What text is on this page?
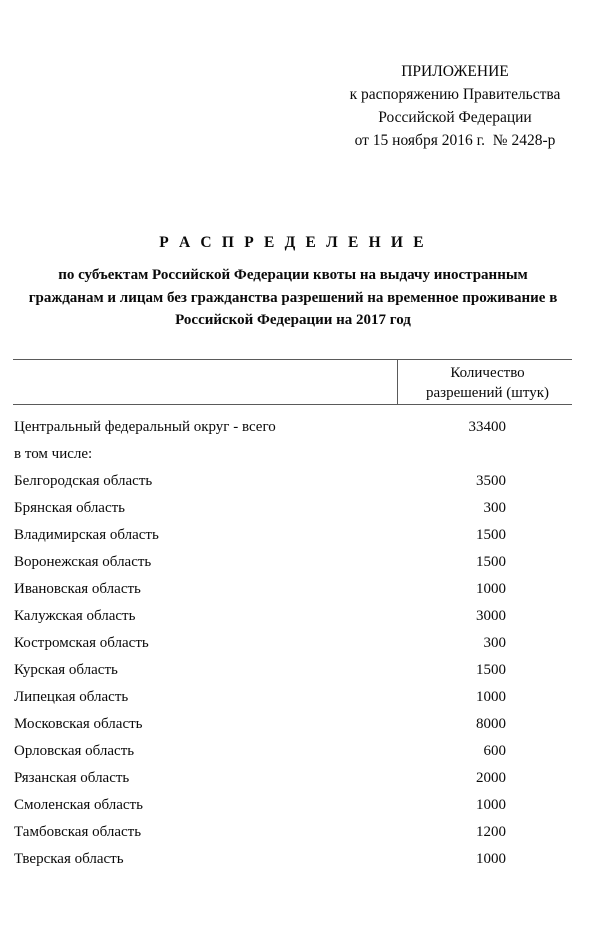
ПРИЛОЖЕНИЕ
к распоряжению Правительства
Российской Федерации
от 15 ноября 2016 г.  № 2428-р
Р А С П Р Е Д Е Л Е Н И Е
по субъектам Российской Федерации квоты на выдачу иностранным гражданам и лицам без гражданства разрешений на временное проживание в Российской Федерации на 2017 год
Количество
разрешений (штук)
Центральный федеральный округ - всего	33400
в том числе:
Белгородская область	3500
Брянская область	300
Владимирская область	1500
Воронежская область	1500
Ивановская область	1000
Калужская область	3000
Костромская область	300
Курская область	1500
Липецкая область	1000
Московская область	8000
Орловская область	600
Рязанская область	2000
Смоленская область	1000
Тамбовская область	1200
Тверская область	1000
